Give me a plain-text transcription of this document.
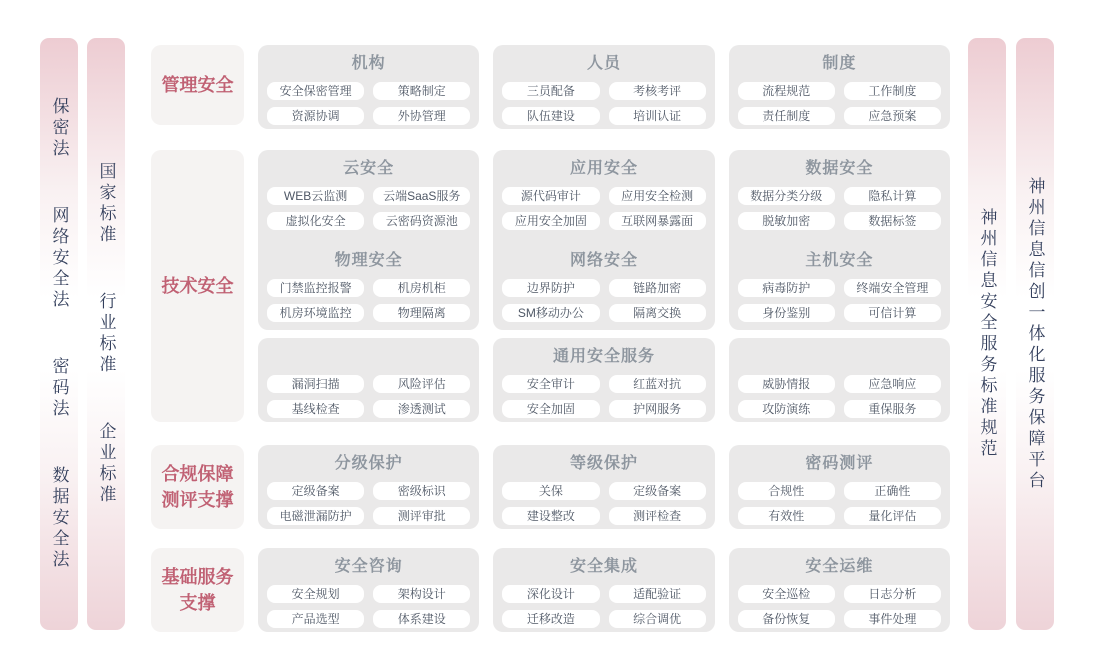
保密法  网络安全法  密码法  数据安全法 国家标准  行业标准  企业标准
管理安全
机构
安全保密管理	策略制定
资源协调	外协管理
人员
三员配备	考核考评
队伍建设	培训认证
制度
流程规范	工作制度
责任制度	应急预案
技术安全
云安全
WEB云监测	云端SaaS服务
虚拟化安全	云密码资源池
物理安全
门禁监控报警	机房机柜
机房环境监控	物理隔离
漏洞扫描	风险评估
基线检查	渗透测试
应用安全
源代码审计	应用安全检测
应用安全加固	互联网暴露面
网络安全
边界防护	链路加密
SM移动办公	隔离交换
通用安全服务
安全审计	红蓝对抗
安全加固	护网服务
数据安全
数据分类分级	隐私计算
脱敏加密	数据标签
主机安全
病毒防护	终端安全管理
身份鉴别	可信计算
威胁情报	应急响应
攻防演练	重保服务
合规保障
测评支撑
分级保护
定级备案	密级标识
电磁泄漏防护	测评审批
等级保护
关保	定级备案
建设整改	测评检查
密码测评
合规性	正确性
有效性	量化评估
基础服务
支撑
安全咨询
安全规划	架构设计
产品选型	体系建设
安全集成
深化设计	适配验证
迁移改造	综合调优
安全运维
安全巡检	日志分析
备份恢复	事件处理
神州信息安全服务标准规范 神州信息信创一体化服务保障平台
